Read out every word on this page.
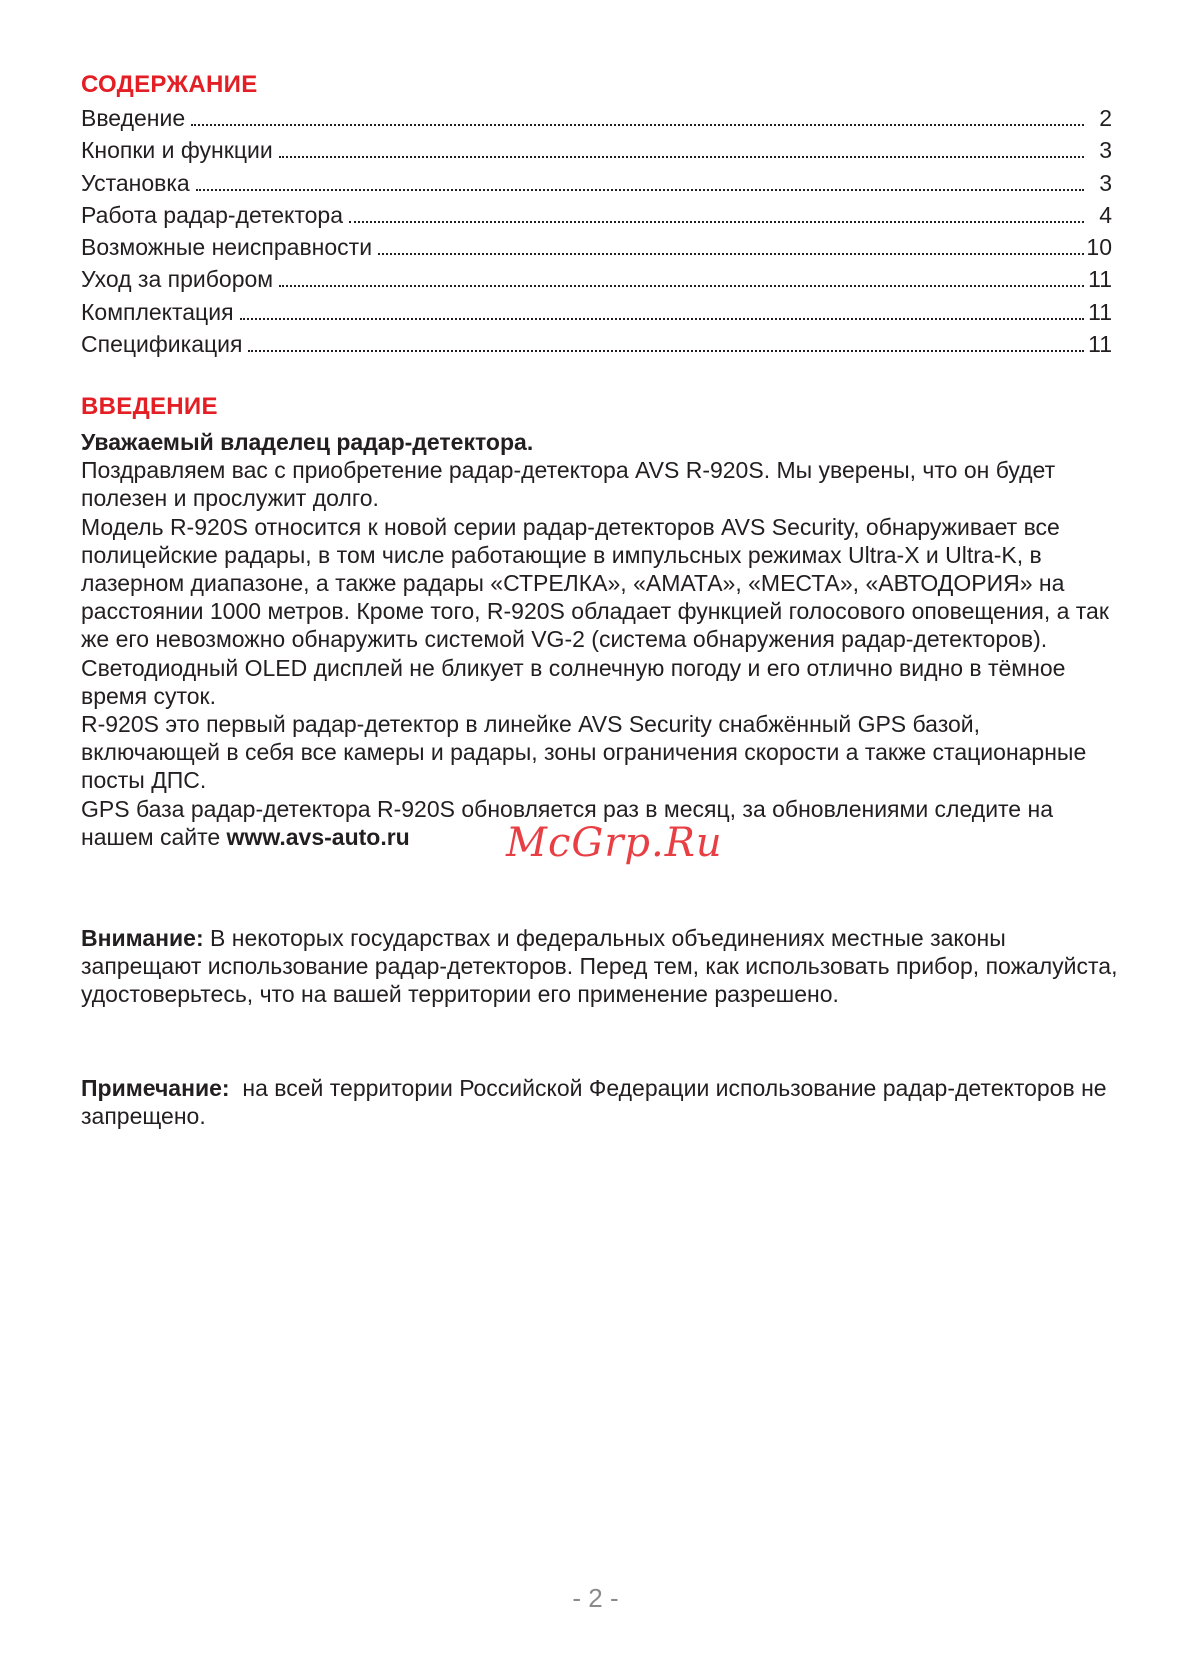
СОДЕРЖАНИЕ
Введение	2
Кнопки и функции	3
Установка	3
Работа радар-детектора	4
Возможные неисправности	10
Уход за прибором	11
Комплектация	11
Спецификация	11
ВВЕДЕНИЕ

Уважаемый владелец радар-детектора.

Поздравляем вас с приобретение радар-детектора AVS R-920S. Мы уверены, что он будет полезен и прослужит долго.

Модель R-920S относится к новой серии радар-детекторов AVS Security, обнаруживает все полицейские радары, в том числе работающие в импульсных режимах Ultra-X и Ultra-K, в лазерном диапазоне, а также радары «СТРЕЛКА», «АМАТА», «МЕСТА», «АВТОДОРИЯ» на расстоянии 1000 метров. Кроме того, R-920S обладает функцией голосового оповещения, а так же его невозможно обнаружить системой VG-2 (система обнаружения радар-детекторов).

Светодиодный OLED дисплей не бликует в солнечную погоду и его отлично видно в тёмное время суток.

R-920S это первый радар-детектор в линейке AVS Security снабжённый GPS базой, включающей в себя все камеры и радары, зоны ограничения скорости а также стационарные посты ДПС.

GPS база радар-детектора R-920S обновляется раз в месяц, за обновлениями следите на нашем сайте www.avs-auto.ru

Внимание: В некоторых государствах и федеральных объединениях местные законы запрещают использование радар-детекторов. Перед тем, как использовать прибор, пожалуйста, удостоверьтесь, что на вашей территории его применение разрешено.

Примечание:  на всей территории Российской Федерации использование радар-детекторов не запрещено.

McGrp.Ru
- 2 -
